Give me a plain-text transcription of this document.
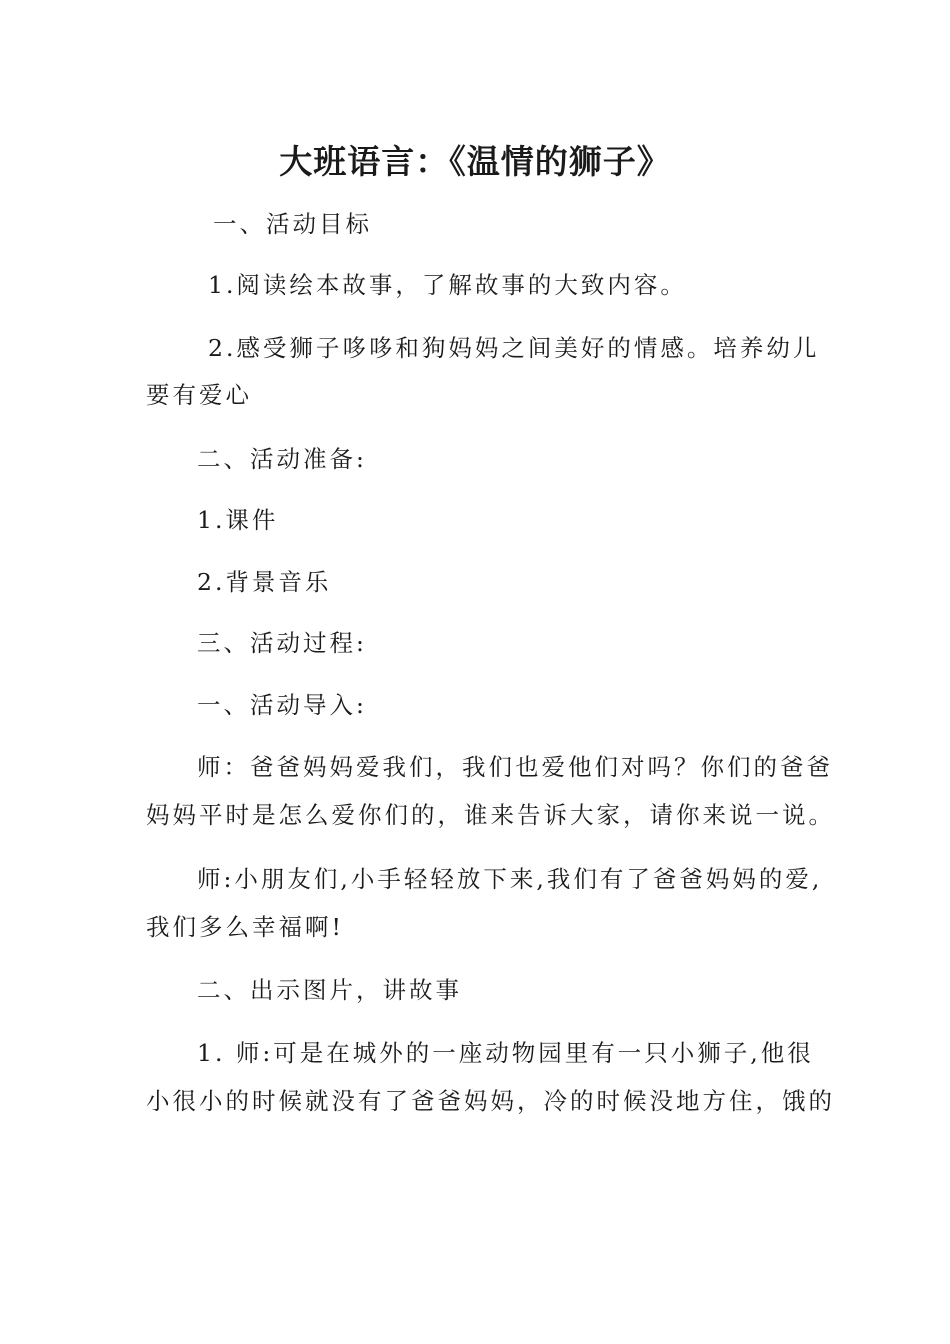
大班语言：《温情的狮子》
一、活动目标
1.阅读绘本故事，了解故事的大致内容。
2.感受狮子哆哆和狗妈妈之间美好的情感。培养幼儿
要有爱心
二、活动准备:
1.课件
2.背景音乐
三、活动过程:
一、活动导入:
师：爸爸妈妈爱我们，我们也爱他们对吗？你们的爸爸
妈妈平时是怎么爱你们的，谁来告诉大家，请你来说一说。
师:小朋友们,小手轻轻放下来,我们有了爸爸妈妈的爱,
我们多么幸福啊!
二、出示图片，讲故事
1. 师:可是在城外的一座动物园里有一只小狮子,他很
小很小的时候就没有了爸爸妈妈，冷的时候没地方住，饿的
